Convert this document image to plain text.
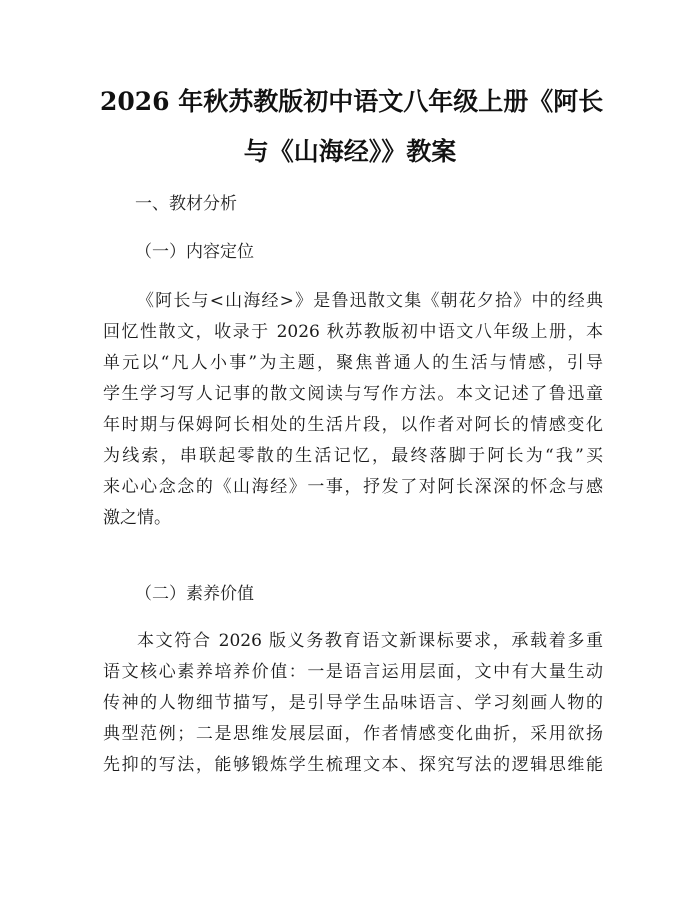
2026 年秋苏教版初中语文八年级上册《阿长
与《山海经》》教案
一、教材分析
（一）内容定位
《阿长与<山海经>》是鲁迅散文集《朝花夕拾》中的经典
回忆性散文，收录于 2026 秋苏教版初中语文八年级上册，本
单元以“凡人小事”为主题，聚焦普通人的生活与情感，引导
学生学习写人记事的散文阅读与写作方法。本文记述了鲁迅童
年时期与保姆阿长相处的生活片段，以作者对阿长的情感变化
为线索，串联起零散的生活记忆，最终落脚于阿长为“我”买
来心心念念的《山海经》一事，抒发了对阿长深深的怀念与感
激之情。
（二）素养价值
本文符合 2026 版义务教育语文新课标要求，承载着多重
语文核心素养培养价值：一是语言运用层面，文中有大量生动
传神的人物细节描写，是引导学生品味语言、学习刻画人物的
典型范例；二是思维发展层面，作者情感变化曲折，采用欲扬
先抑的写法，能够锻炼学生梳理文本、探究写法的逻辑思维能
